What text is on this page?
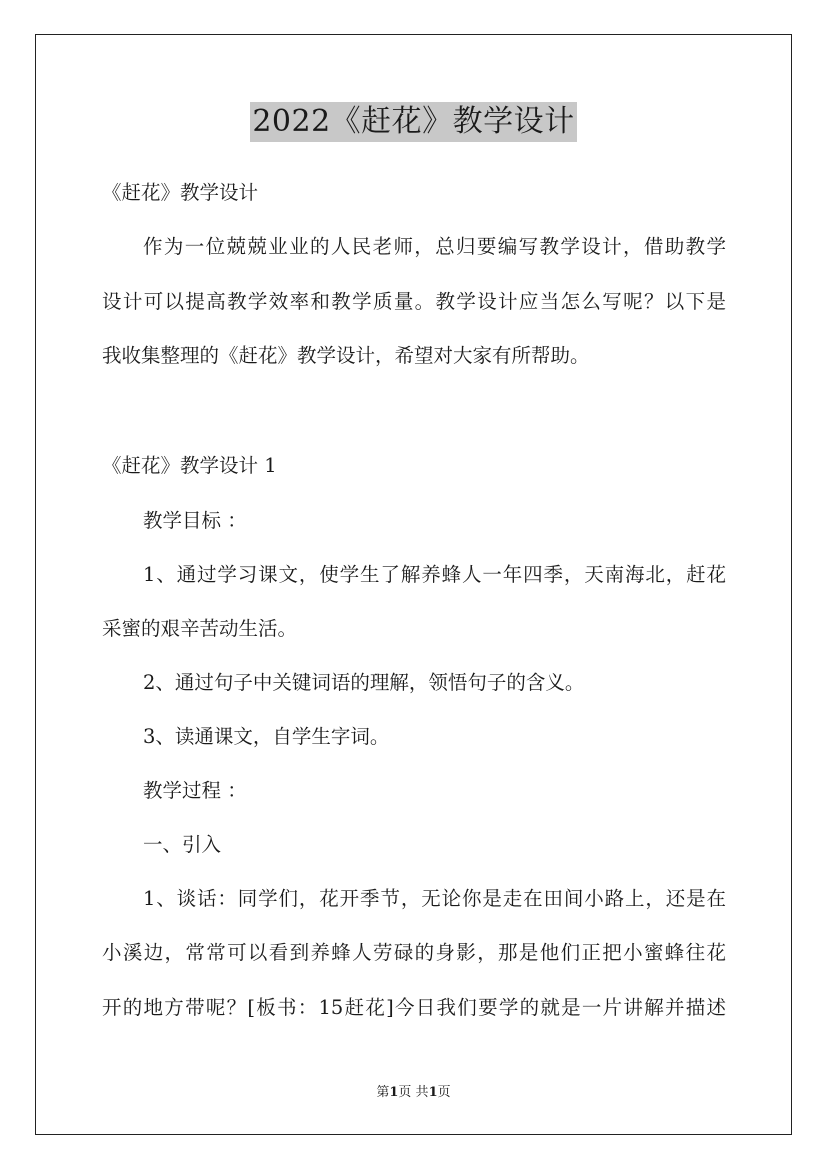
2022《赶花》教学设计
《赶花》教学设计
作为一位兢兢业业的人民老师，总归要编写教学设计，借助教学
设计可以提高教学效率和教学质量。教学设计应当怎么写呢？以下是
我收集整理的《赶花》教学设计，希望对大家有所帮助。
《赶花》教学设计 1
教学目标 ：
1、通过学习课文，使学生了解养蜂人一年四季，天南海北，赶花
采蜜的艰辛苦动生活。
2、通过句子中关键词语的理解，领悟句子的含义。
3、读通课文，自学生字词。
教学过程 ：
一、引入
1、谈话：同学们，花开季节，无论你是走在田间小路上，还是在
小溪边，常常可以看到养蜂人劳碌的身影，那是他们正把小蜜蜂往花
开的地方带呢？[板书：15赶花]今日我们要学的就是一片讲解并描述
第1页 共1页
